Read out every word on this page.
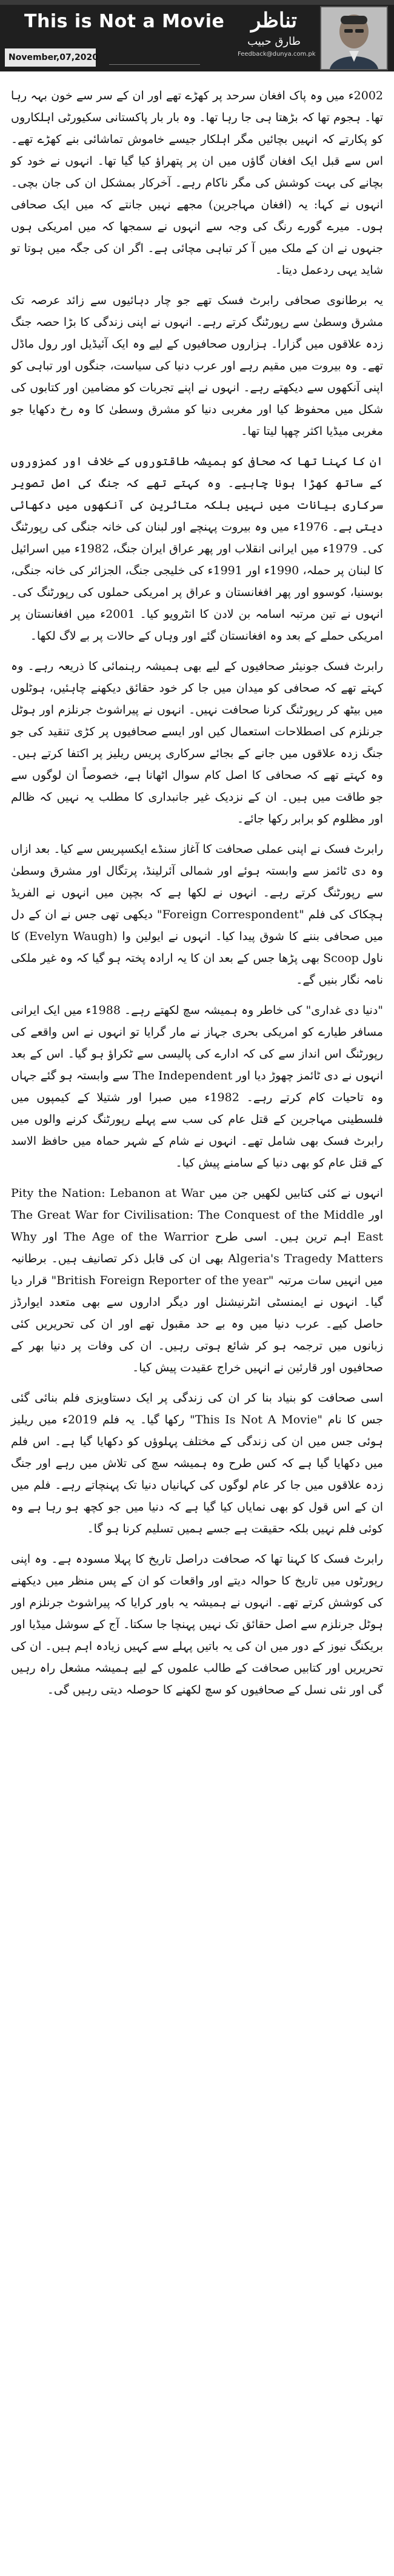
This is Not a Movie
November,07,2020
تناظر
طارق حبیب
Feedback@dunya.com.pk

2002ء میں وہ پاک افغان سرحد پر کھڑے تھے اور ان کے سر سے خون بہہ رہا تھا۔ ہجوم تھا کہ بڑھتا ہی جا رہا تھا۔ وہ بار بار پاکستانی سکیورٹی اہلکاروں کو پکارتے کہ انہیں بچائیں مگر اہلکار جیسے خاموش تماشائی بنے کھڑے تھے۔ اس سے قبل ایک افغان گاؤں میں ان پر پتھراؤ کیا گیا تھا۔ انہوں نے خود کو بچانے کی بہت کوشش کی مگر ناکام رہے۔ آخرکار بمشکل ان کی جان بچی۔ انہوں نے کہا: یہ (افغان مہاجرین) مجھے نہیں جانتے کہ میں ایک صحافی ہوں۔ میرے گورے رنگ کی وجہ سے انہوں نے سمجھا کہ میں امریکی ہوں جنہوں نے ان کے ملک میں آ کر تباہی مچائی ہے۔ اگر ان کی جگہ میں ہوتا تو شاید یہی ردعمل دیتا۔

یہ برطانوی صحافی رابرٹ فسک تھے جو چار دہائیوں سے زائد عرصہ تک مشرق وسطیٰ سے رپورٹنگ کرتے رہے۔ انہوں نے اپنی زندگی کا بڑا حصہ جنگ زدہ علاقوں میں گزارا۔ ہزاروں صحافیوں کے لیے وہ ایک آئیڈیل اور رول ماڈل تھے۔ وہ بیروت میں مقیم رہے اور عرب دنیا کی سیاست، جنگوں اور تباہی کو اپنی آنکھوں سے دیکھتے رہے۔ انہوں نے اپنے تجربات کو مضامین اور کتابوں کی شکل میں محفوظ کیا اور مغربی دنیا کو مشرق وسطیٰ کا وہ رخ دکھایا جو مغربی میڈیا اکثر چھپا لیتا تھا۔

ان کا کہنا تھا کہ صحافی کو ہمیشہ طاقتوروں کے خلاف اور کمزوروں کے ساتھ کھڑا ہونا چاہیے۔ وہ کہتے تھے کہ جنگ کی اصل تصویر سرکاری بیانات میں نہیں بلکہ متاثرین کی آنکھوں میں دکھائی دیتی ہے۔ 1976ء میں وہ بیروت پہنچے اور لبنان کی خانہ جنگی کی رپورٹنگ کی۔ 1979ء میں ایرانی انقلاب اور پھر عراق ایران جنگ، 1982ء میں اسرائیل کا لبنان پر حملہ، 1990ء اور 1991ء کی خلیجی جنگ، الجزائر کی خانہ جنگی، بوسنیا، کوسوو اور پھر افغانستان و عراق پر امریکی حملوں کی رپورٹنگ کی۔ انہوں نے تین مرتبہ اسامہ بن لادن کا انٹرویو کیا۔ 2001ء میں افغانستان پر امریکی حملے کے بعد وہ افغانستان گئے اور وہاں کے حالات پر بے لاگ لکھا۔

رابرٹ فسک جونیئر صحافیوں کے لیے بھی ہمیشہ رہنمائی کا ذریعہ رہے۔ وہ کہتے تھے کہ صحافی کو میدان میں جا کر خود حقائق دیکھنے چاہئیں، ہوٹلوں میں بیٹھ کر رپورٹنگ کرنا صحافت نہیں۔ انہوں نے پیراشوٹ جرنلزم اور ہوٹل جرنلزم کی اصطلاحات استعمال کیں اور ایسے صحافیوں پر کڑی تنقید کی جو جنگ زدہ علاقوں میں جانے کے بجائے سرکاری پریس ریلیز پر اکتفا کرتے ہیں۔ وہ کہتے تھے کہ صحافی کا اصل کام سوال اٹھانا ہے، خصوصاً ان لوگوں سے جو طاقت میں ہیں۔ ان کے نزدیک غیر جانبداری کا مطلب یہ نہیں کہ ظالم اور مظلوم کو برابر رکھا جائے۔

رابرٹ فسک نے اپنی عملی صحافت کا آغاز سنڈے ایکسپریس سے کیا۔ بعد ازاں وہ دی ٹائمز سے وابستہ ہوئے اور شمالی آئرلینڈ، پرتگال اور مشرق وسطیٰ سے رپورٹنگ کرتے رہے۔ انہوں نے لکھا ہے کہ بچپن میں انہوں نے الفریڈ ہچکاک کی فلم "Foreign Correspondent" دیکھی تھی جس نے ان کے دل میں صحافی بننے کا شوق پیدا کیا۔ انہوں نے ایولین وا (Evelyn Waugh) کا ناول Scoop بھی پڑھا جس کے بعد ان کا یہ ارادہ پختہ ہو گیا کہ وہ غیر ملکی نامہ نگار بنیں گے۔

"دنیا دی غداری" کی خاطر وہ ہمیشہ سچ لکھتے رہے۔ 1988ء میں ایک ایرانی مسافر طیارے کو امریکی بحری جہاز نے مار گرایا تو انہوں نے اس واقعے کی رپورٹنگ اس انداز سے کی کہ ادارے کی پالیسی سے ٹکراؤ ہو گیا۔ اس کے بعد انہوں نے دی ٹائمز چھوڑ دیا اور The Independent سے وابستہ ہو گئے جہاں وہ تاحیات کام کرتے رہے۔ 1982ء میں صبرا اور شتیلا کے کیمپوں میں فلسطینی مہاجرین کے قتل عام کی سب سے پہلے رپورٹنگ کرنے والوں میں رابرٹ فسک بھی شامل تھے۔ انہوں نے شام کے شہر حماہ میں حافظ الاسد کے قتل عام کو بھی دنیا کے سامنے پیش کیا۔

انہوں نے کئی کتابیں لکھیں جن میں Pity the Nation: Lebanon at War اور The Great War for Civilisation: The Conquest of the Middle East اہم ترین ہیں۔ اسی طرح The Age of the Warrior اور Why Algeria's Tragedy Matters بھی ان کی قابل ذکر تصانیف ہیں۔ برطانیہ میں انہیں سات مرتبہ "British Foreign Reporter of the year" قرار دیا گیا۔ انہوں نے ایمنسٹی انٹرنیشنل اور دیگر اداروں سے بھی متعدد ایوارڈز حاصل کیے۔ عرب دنیا میں وہ بے حد مقبول تھے اور ان کی تحریریں کئی زبانوں میں ترجمہ ہو کر شائع ہوتی رہیں۔ ان کی وفات پر دنیا بھر کے صحافیوں اور قارئین نے انہیں خراج عقیدت پیش کیا۔

اسی صحافت کو بنیاد بنا کر ان کی زندگی پر ایک دستاویزی فلم بنائی گئی جس کا نام "This Is Not A Movie" رکھا گیا۔ یہ فلم 2019ء میں ریلیز ہوئی جس میں ان کی زندگی کے مختلف پہلوؤں کو دکھایا گیا ہے۔ اس فلم میں دکھایا گیا ہے کہ کس طرح وہ ہمیشہ سچ کی تلاش میں رہے اور جنگ زدہ علاقوں میں جا کر عام لوگوں کی کہانیاں دنیا تک پہنچاتے رہے۔ فلم میں ان کے اس قول کو بھی نمایاں کیا گیا ہے کہ دنیا میں جو کچھ ہو رہا ہے وہ کوئی فلم نہیں بلکہ حقیقت ہے جسے ہمیں تسلیم کرنا ہو گا۔

رابرٹ فسک کا کہنا تھا کہ صحافت دراصل تاریخ کا پہلا مسودہ ہے۔ وہ اپنی رپورٹوں میں تاریخ کا حوالہ دیتے اور واقعات کو ان کے پس منظر میں دیکھنے کی کوشش کرتے تھے۔ انہوں نے ہمیشہ یہ باور کرایا کہ پیراشوٹ جرنلزم اور ہوٹل جرنلزم سے اصل حقائق تک نہیں پہنچا جا سکتا۔ آج کے سوشل میڈیا اور بریکنگ نیوز کے دور میں ان کی یہ باتیں پہلے سے کہیں زیادہ اہم ہیں۔ ان کی تحریریں اور کتابیں صحافت کے طالب علموں کے لیے ہمیشہ مشعل راہ رہیں گی اور نئی نسل کے صحافیوں کو سچ لکھنے کا حوصلہ دیتی رہیں گی۔
